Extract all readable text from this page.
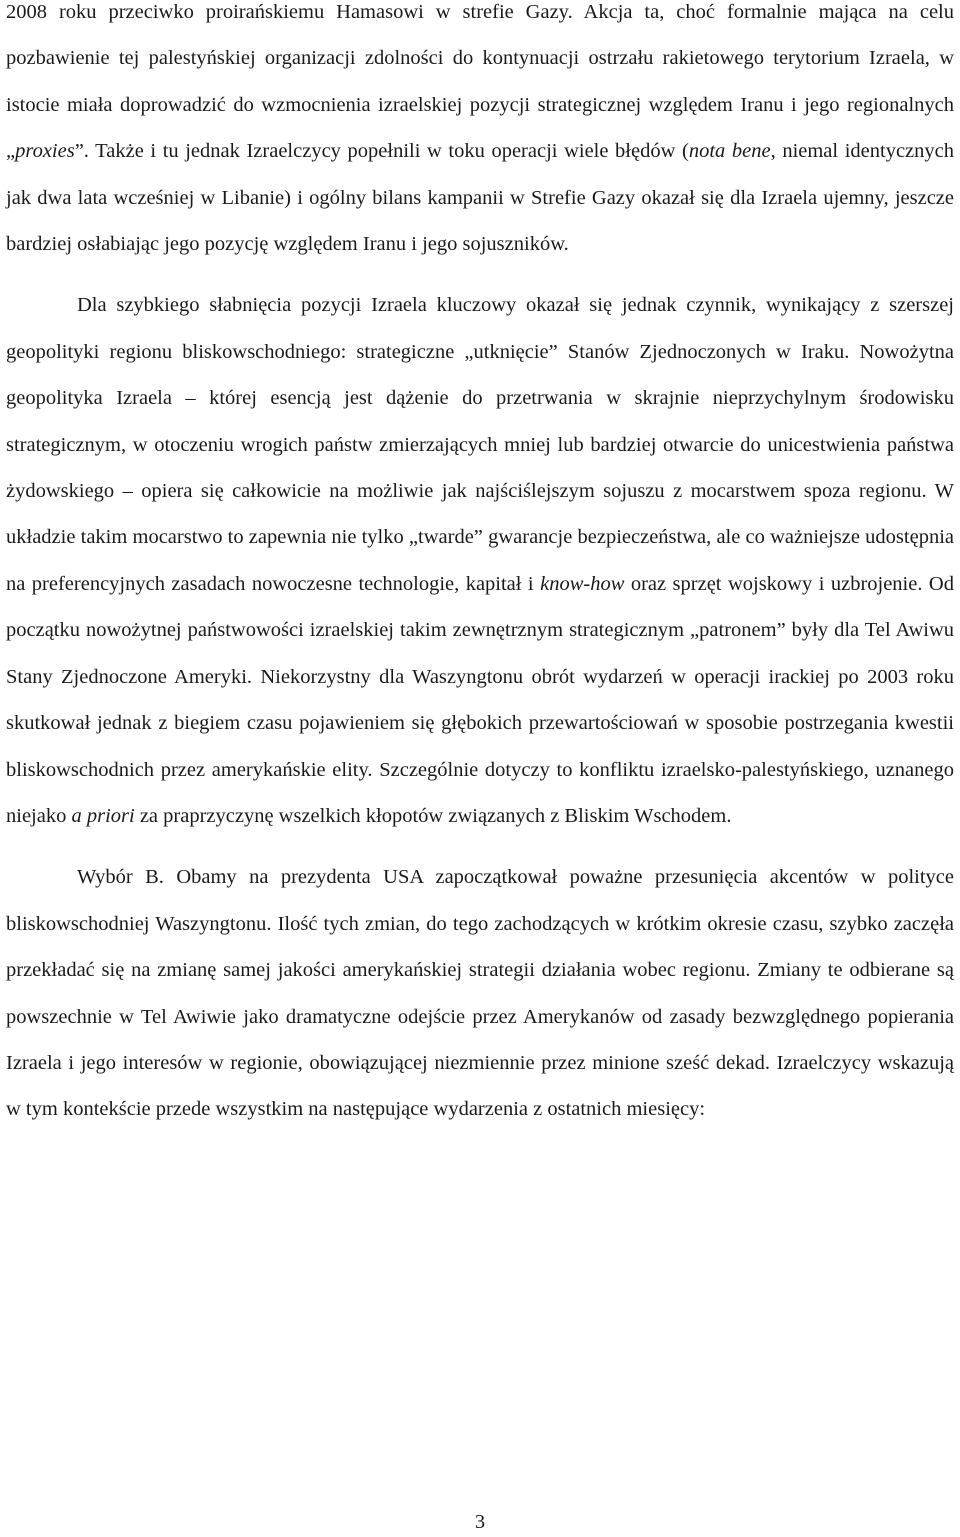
2008 roku przeciwko proirańskiemu Hamasowi w strefie Gazy. Akcja ta, choć formalnie mająca na celu pozbawienie tej palestyńskiej organizacji zdolności do kontynuacji ostrzału rakietowego terytorium Izraela, w istocie miała doprowadzić do wzmocnienia izraelskiej pozycji strategicznej względem Iranu i jego regionalnych „proxies”. Także i tu jednak Izraelczycy popełnili w toku operacji wiele błędów (nota bene, niemal identycznych jak dwa lata wcześniej w Libanie) i ogólny bilans kampanii w Strefie Gazy okazał się dla Izraela ujemny, jeszcze bardziej osłabiając jego pozycję względem Iranu i jego sojuszników.

Dla szybkiego słabnięcia pozycji Izraela kluczowy okazał się jednak czynnik, wynikający z szerszej geopolityki regionu bliskowschodniego: strategiczne „utknięcie” Stanów Zjednoczonych w Iraku. Nowożytna geopolityka Izraela – której esencją jest dążenie do przetrwania w skrajnie nieprzychylnym środowisku strategicznym, w otoczeniu wrogich państw zmierzających mniej lub bardziej otwarcie do unicestwienia państwa żydowskiego – opiera się całkowicie na możliwie jak najściślejszym sojuszu z mocarstwem spoza regionu. W układzie takim mocarstwo to zapewnia nie tylko „twarde” gwarancje bezpieczeństwa, ale co ważniejsze udostępnia na preferencyjnych zasadach nowoczesne technologie, kapitał i know-how oraz sprzęt wojskowy i uzbrojenie. Od początku nowożytnej państwowości izraelskiej takim zewnętrznym strategicznym „patronem” były dla Tel Awiwu Stany Zjednoczone Ameryki. Niekorzystny dla Waszyngtonu obrót wydarzeń w operacji irackiej po 2003 roku skutkował jednak z biegiem czasu pojawieniem się głębokich przewartościowań w sposobie postrzegania kwestii bliskowschodnich przez amerykańskie elity. Szczególnie dotyczy to konfliktu izraelsko-palestyńskiego, uznanego niejako a priori za praprzyczynę wszelkich kłopotów związanych z Bliskim Wschodem.

Wybór B. Obamy na prezydenta USA zapoczątkował poważne przesunięcia akcentów w polityce bliskowschodniej Waszyngtonu. Ilość tych zmian, do tego zachodzących w krótkim okresie czasu, szybko zaczęła przekładać się na zmianę samej jakości amerykańskiej strategii działania wobec regionu. Zmiany te odbierane są powszechnie w Tel Awiwie jako dramatyczne odejście przez Amerykanów od zasady bezwzględnego popierania Izraela i jego interesów w regionie, obowiązującej niezmiennie przez minione sześć dekad. Izraelczycy wskazują w tym kontekście przede wszystkim na następujące wydarzenia z ostatnich miesięcy:

3
